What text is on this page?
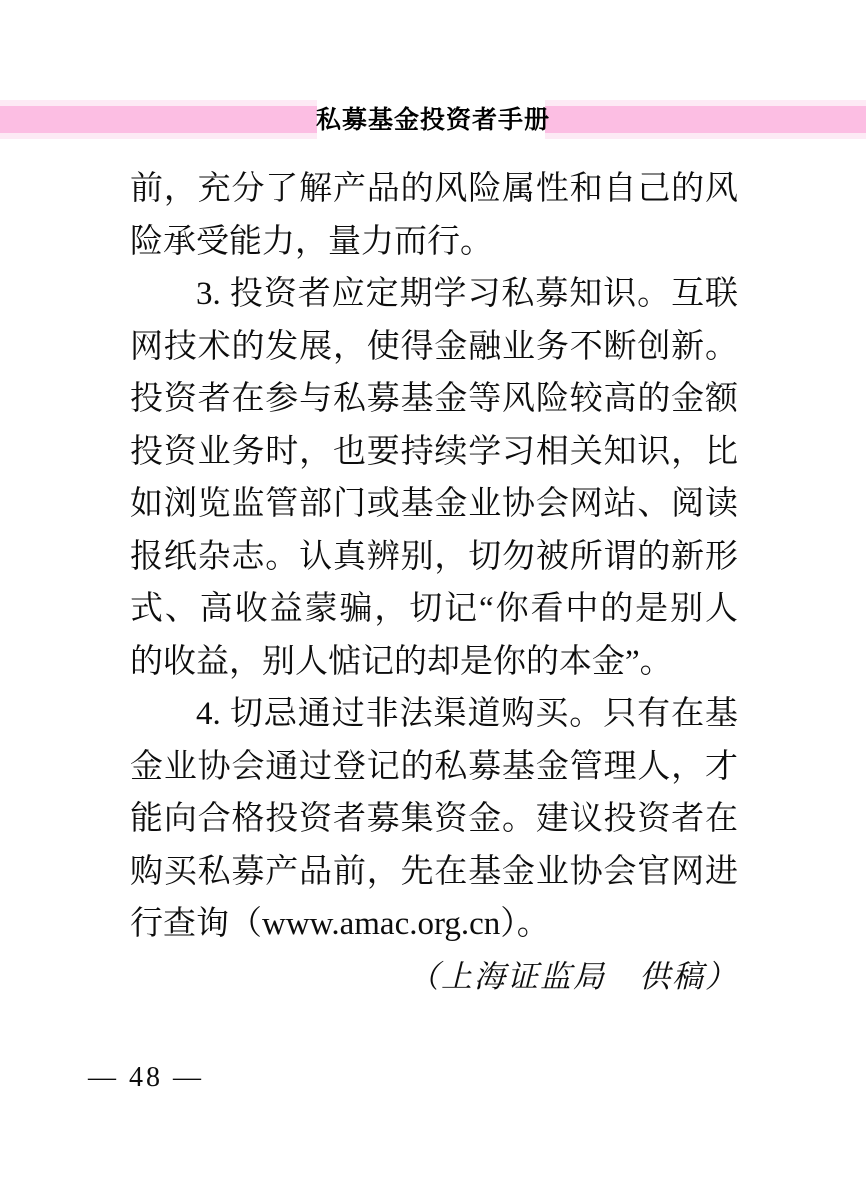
私募基金投资者手册
前，充分了解产品的风险属性和自己的风
险承受能力，量力而行。
3. 投资者应定期学习私募知识。互联
网技术的发展，使得金融业务不断创新。
投资者在参与私募基金等风险较高的金额
投资业务时，也要持续学习相关知识，比
如浏览监管部门或基金业协会网站、阅读
报纸杂志。认真辨别，切勿被所谓的新形
式、高收益蒙骗，切记“你看中的是别人
的收益，别人惦记的却是你的本金”。
4. 切忌通过非法渠道购买。只有在基
金业协会通过登记的私募基金管理人，才
能向合格投资者募集资金。建议投资者在
购买私募产品前，先在基金业协会官网进
行查询（www.amac.org.cn）。
（上海证监局　供稿）
— 48 —
